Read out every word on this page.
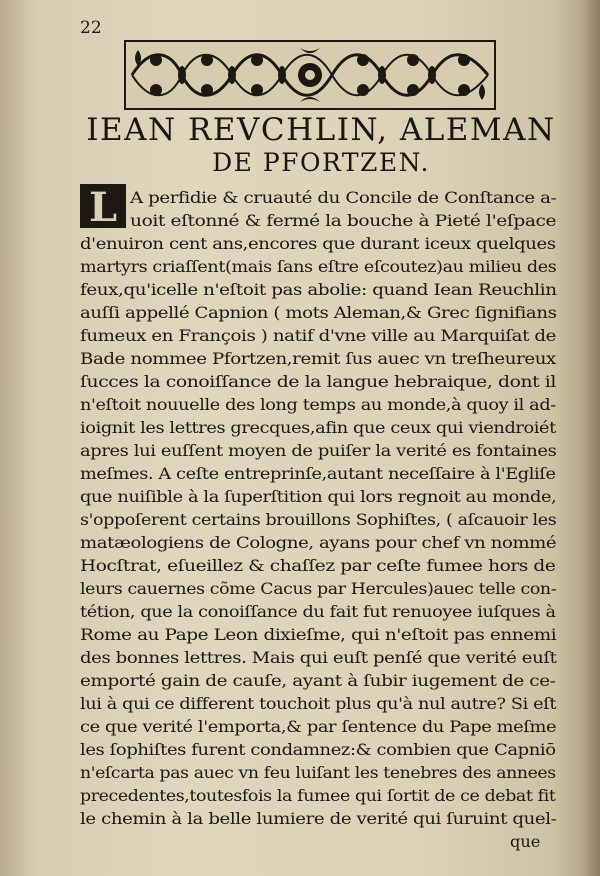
22
IEAN REVCHLIN, ALEMAN
DE PFORTZEN.
L A perfidie & cruauté du Concile de Conſtance a-
uoit eſtonné & fermé la bouche à Pieté l'eſpace
d'enuiron cent ans,encores que durant iceux quelques
martyrs criaſſent(mais ſans eſtre eſcoutez)au milieu des
feux,qu'icelle n'eſtoit pas abolie: quand Iean Reuchlin
auſſi appellé Capnion ( mots Aleman,& Grec ſignifians
fumeux en François ) natif d'vne ville au Marquiſat de
Bade nommee Pfortzen,remit ſus auec vn treſheureux
ſucces la conoiſſance de la langue hebraique, dont il
n'eſtoit nouuelle des long temps au monde,à quoy il ad-
ioignit les lettres grecques,afin que ceux qui viendroiét
apres lui euſſent moyen de puiſer la verité es fontaines
meſmes. A ceſte entreprinſe,autant neceſſaire à l'Egliſe
que nuiſible à la ſuperſtition qui lors regnoit au monde,
s'oppoſerent certains brouillons Sophiſtes, ( aſcauoir les
matæologiens de Cologne, ayans pour chef vn nommé
Hocſtrat, eſueillez & chaſſez par ceſte fumee hors de
leurs cauernes cõme Cacus par Hercules)auec telle con-
tétion, que la conoiſſance du fait fut renuoyee iuſques à
Rome au Pape Leon dixieſme, qui n'eſtoit pas ennemi
des bonnes lettres. Mais qui euſt penſé que verité euſt
emporté gain de cauſe, ayant à ſubir iugement de ce-
lui à qui ce different touchoit plus qu'à nul autre? Si eſt
ce que verité l'emporta,& par ſentence du Pape meſme
les ſophiſtes furent condamnez:& combien que Capniō
n'eſcarta pas auec vn feu luiſant les tenebres des annees
precedentes,toutesfois la fumee qui ſortit de ce debat fit
le chemin à la belle lumiere de verité qui ſuruint quel-
que
